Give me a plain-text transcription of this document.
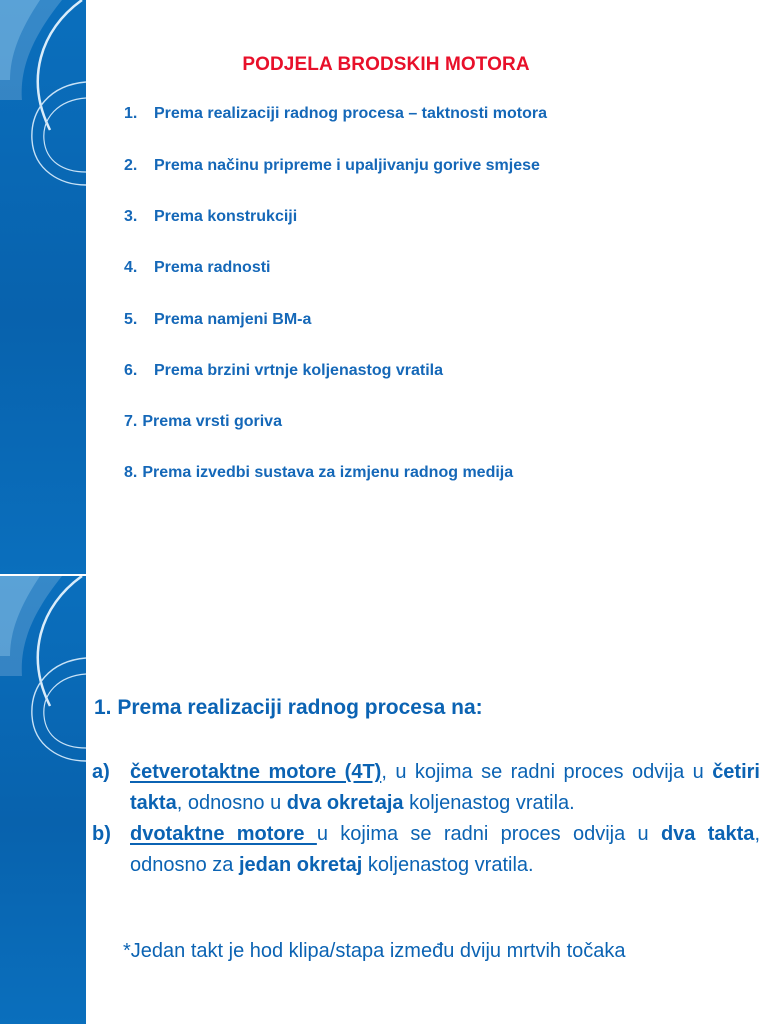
PODJELA BRODSKIH MOTORA
1. Prema realizaciji radnog procesa – taktnosti motora
2. Prema načinu pripreme i upaljivanju gorive smjese
3. Prema konstrukciji
4. Prema radnosti
5. Prema namjeni BM-a
6. Prema brzini vrtnje koljenastog vratila
7. Prema vrsti goriva
8. Prema izvedbi sustava za izmjenu radnog medija
1. Prema realizaciji radnog procesa na:
a)	četverotaktne motore (4T), u kojima se radni proces odvija u četiri takta, odnosno u dva okretaja koljenastog vratila.
b) dvotaktne motore u kojima se radni proces odvija u dva takta, odnosno za jedan okretaj koljenastog vratila.
*Jedan takt je hod klipa/stapa između dviju mrtvih točaka
